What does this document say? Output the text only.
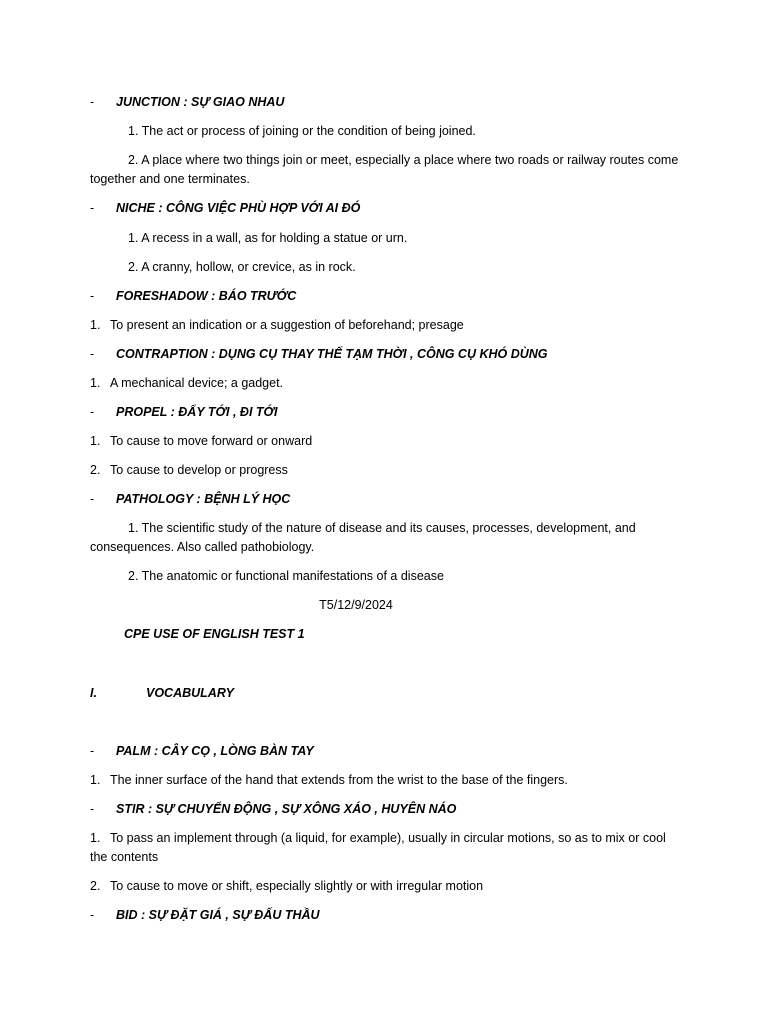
- JUNCTION : SỰ GIAO NHAU
1. The act or process of joining or the condition of being joined.
2. A place where two things join or meet, especially a place where two roads or railway routes come together and one terminates.
- NICHE : CÔNG VIỆC PHÙ HỢP VỚI AI ĐÓ
1. A recess in a wall, as for holding a statue or urn.
2. A cranny, hollow, or crevice, as in rock.
- FORESHADOW : BÁO TRƯỚC
1. To present an indication or a suggestion of beforehand; presage
- CONTRAPTION : DỤNG CỤ THAY THẾ TẠM THỜI , CÔNG CỤ KHÓ DÙNG
1. A mechanical device; a gadget.
- PROPEL : ĐẨY TỚI , ĐI TỚI
1. To cause to move forward or onward
2. To cause to develop or progress
- PATHOLOGY : BỆNH LÝ HỌC
1. The scientific study of the nature of disease and its causes, processes, development, and consequences. Also called pathobiology.
2. The anatomic or functional manifestations of a disease
T5/12/9/2024
CPE USE OF ENGLISH TEST 1
I.	VOCABULARY
- PALM : CÂY CỌ , LÒNG BÀN TAY
1. The inner surface of the hand that extends from the wrist to the base of the fingers.
- STIR : SỰ CHUYỂN ĐỘNG , SỰ XÔNG XÁO , HUYÊN NÁO
1. To pass an implement through (a liquid, for example), usually in circular motions, so as to mix or cool the contents
2. To cause to move or shift, especially slightly or with irregular motion
- BID : SỰ ĐẶT GIÁ , SỰ ĐẤU THẦU
